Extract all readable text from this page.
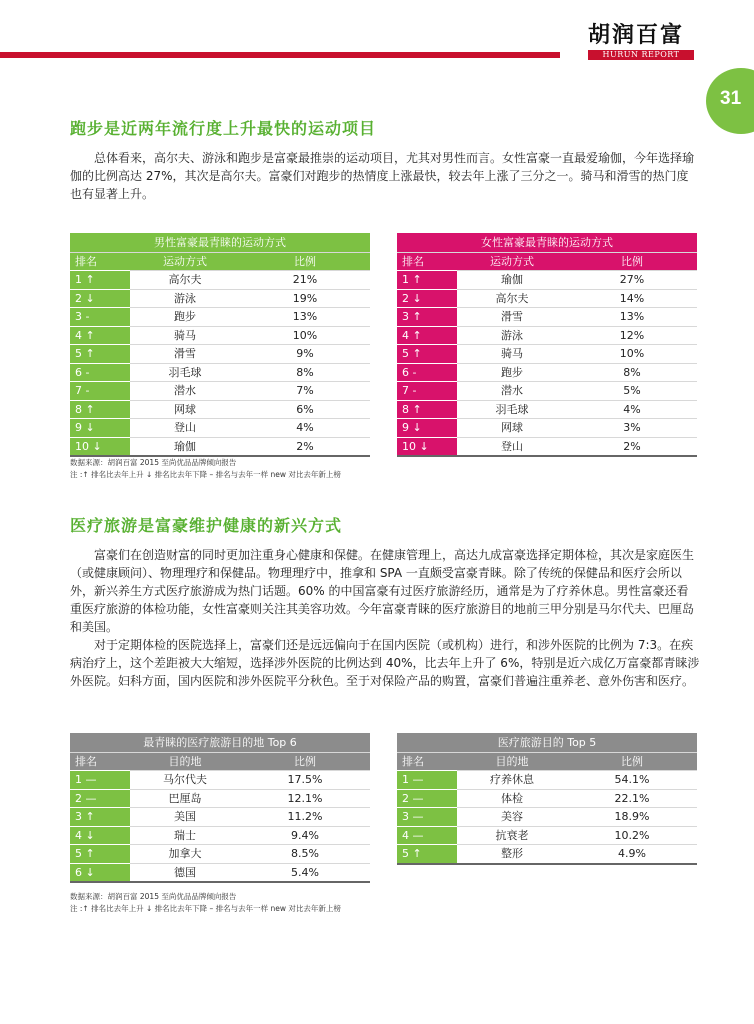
胡润百富
HURUN REPORT
31
跑步是近两年流行度上升最快的运动项目

总体看来，高尔夫、游泳和跑步是富豪最推崇的运动项目，尤其对男性而言。女性富豪一直最爱瑜伽，今年选择瑜伽的比例高达 27%，其次是高尔夫。富豪们对跑步的热情度上涨最快，较去年上涨了三分之一。骑马和滑雪的热门度也有显著上升。

男性富豪最青睐的运动方式		
排名	运动方式	比例
1 ↑	高尔夫	21%
2 ↓	游泳	19%
3 -	跑步	13%
4 ↑	骑马	10%
5 ↑	滑雪	9%
6 -	羽毛球	8%
7 -	潜水	7%
8 ↑	网球	6%
9 ↓	登山	4%
10 ↓	瑜伽	2%
女性富豪最青睐的运动方式		
排名	运动方式	比例
1 ↑	瑜伽	27%
2 ↓	高尔夫	14%
3 ↑	滑雪	13%
4 ↑	游泳	12%
5 ↑	骑马	10%
6 -	跑步	8%
7 -	潜水	5%
8 ↑	羽毛球	4%
9 ↓	网球	3%
10 ↓	登山	2%
数据来源：胡润百富 2015 至尚优品品牌倾向报告
注 :↑ 排名比去年上升 ↓ 排名比去年下降 – 排名与去年一样 new 对比去年新上榜
医疗旅游是富豪维护健康的新兴方式

富豪们在创造财富的同时更加注重身心健康和保健。在健康管理上，高达九成富豪选择定期体检，其次是家庭医生（或健康顾问）、物理理疗和保健品。物理理疗中，推拿和 SPA 一直颇受富豪青睐。除了传统的保健品和医疗会所以外，新兴养生方式医疗旅游成为热门话题。60% 的中国富豪有过医疗旅游经历，通常是为了疗养休息。男性富豪还看重医疗旅游的体检功能，女性富豪则关注其美容功效。今年富豪青睐的医疗旅游目的地前三甲分别是马尔代夫、巴厘岛和美国。

对于定期体检的医院选择上，富豪们还是远远偏向于在国内医院（或机构）进行，和涉外医院的比例为 7:3。在疾病治疗上，这个差距被大大缩短，选择涉外医院的比例达到 40%，比去年上升了 6%，特别是近六成亿万富豪都青睐涉外医院。妇科方面，国内医院和涉外医院平分秋色。至于对保险产品的购置，富豪们普遍注重养老、意外伤害和医疗。

最青睐的医疗旅游目的地 Top 6		
排名	目的地	比例
1 —	马尔代夫	17.5%
2 —	巴厘岛	12.1%
3 ↑	美国	11.2%
4 ↓	瑞士	9.4%
5 ↑	加拿大	8.5%
6 ↓	德国	5.4%
医疗旅游目的 Top 5		
排名	目的地	比例
1 —	疗养休息	54.1%
2 —	体检	22.1%
3 —	美容	18.9%
4 —	抗衰老	10.2%
5 ↑	整形	4.9%
数据来源：胡润百富 2015 至尚优品品牌倾向报告
注 :↑ 排名比去年上升 ↓ 排名比去年下降 – 排名与去年一样 new 对比去年新上榜
